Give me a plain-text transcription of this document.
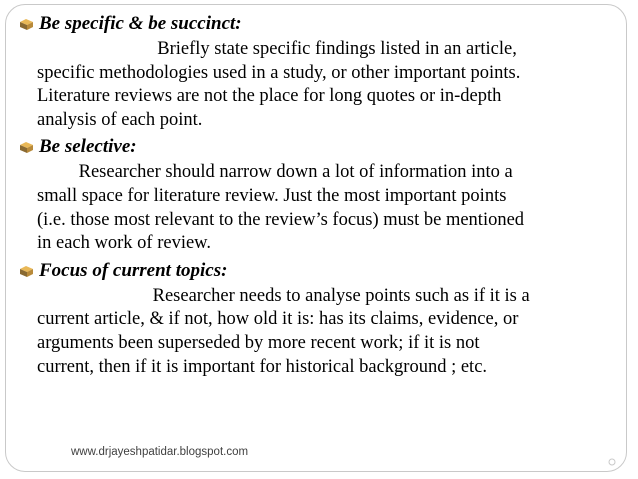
Be specific & be succinct:
Briefly state specific findings listed in an article,
specific methodologies used in a study, or other important points.
Literature reviews are not the place for long quotes or in-depth
analysis of each point.
Be selective:
Researcher should narrow down a lot of information into a
small space for literature review. Just the most important points
(i.e. those most relevant to the review’s focus) must be mentioned
in each work of review.
Focus of current topics:
Researcher needs to analyse points such as if it is a
current article, & if not, how old it is: has its claims, evidence, or
arguments been superseded by more recent work; if it is not
current, then if it is important for historical background ; etc.
www.drjayeshpatidar.blogspot.com
